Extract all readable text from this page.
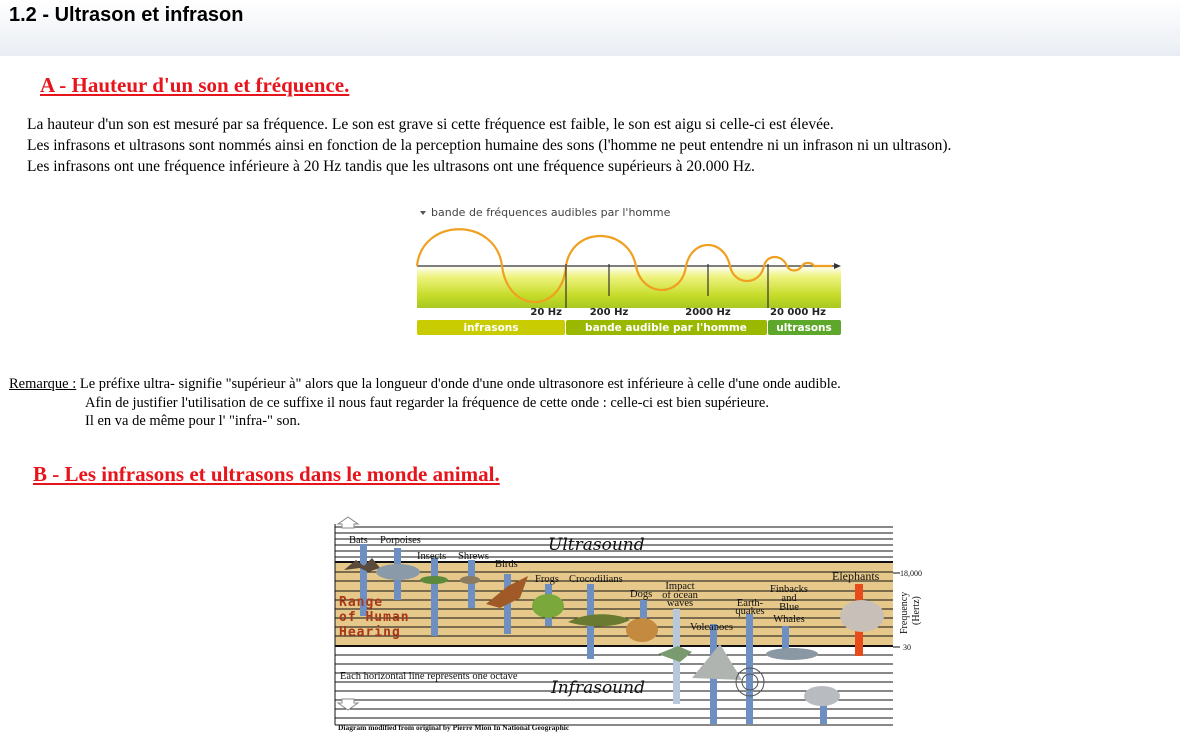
1.2 - Ultrason et infrason
A - Hauteur d'un son et fréquence.

La hauteur d'un son est mesuré par sa fréquence. Le son est grave si cette fréquence est faible, le son est aigu si celle-ci est élevée.

Les infrasons et ultrasons sont nommés ainsi en fonction de la perception humaine des sons (l'homme ne peut entendre ni un infrason ni un ultrason).

Les infrasons ont une fréquence inférieure à 20 Hz tandis que les ultrasons ont une fréquence supérieurs à 20.000 Hz.

bande de fréquences audibles par l'homme
20 Hz	200 Hz	2000 Hz	20 000 Hz
infrasons	bande audible par l'homme	ultrasons
Remarque : Le préfixe ultra- signifie "supérieur à" alors que la longueur d'onde d'une onde ultrasonore est inférieure à celle d'une onde audible.
Afin de justifier l'utilisation de ce suffixe il nous faut regarder la fréquence de cette onde : celle-ci est bien supérieure.
Il en va de même pour l' "infra-" son.
B - Les infrasons et ultrasons dans le monde animal.
Ultrasound
Infrasound
Range
of Human
Hearing
Bats Porpoises
Insects Shrews
Birds
Frogs Crocodilians
Dogs
Impact
of ocean
waves
Volcanoes
Earth-
quakes
Finbacks
and
Blue
Whales
Elephants	18,000
30
Frequency (Hertz)
Each horizontal line represents one octave
Diagram modified from original by Pierre Mion In National Geographic
